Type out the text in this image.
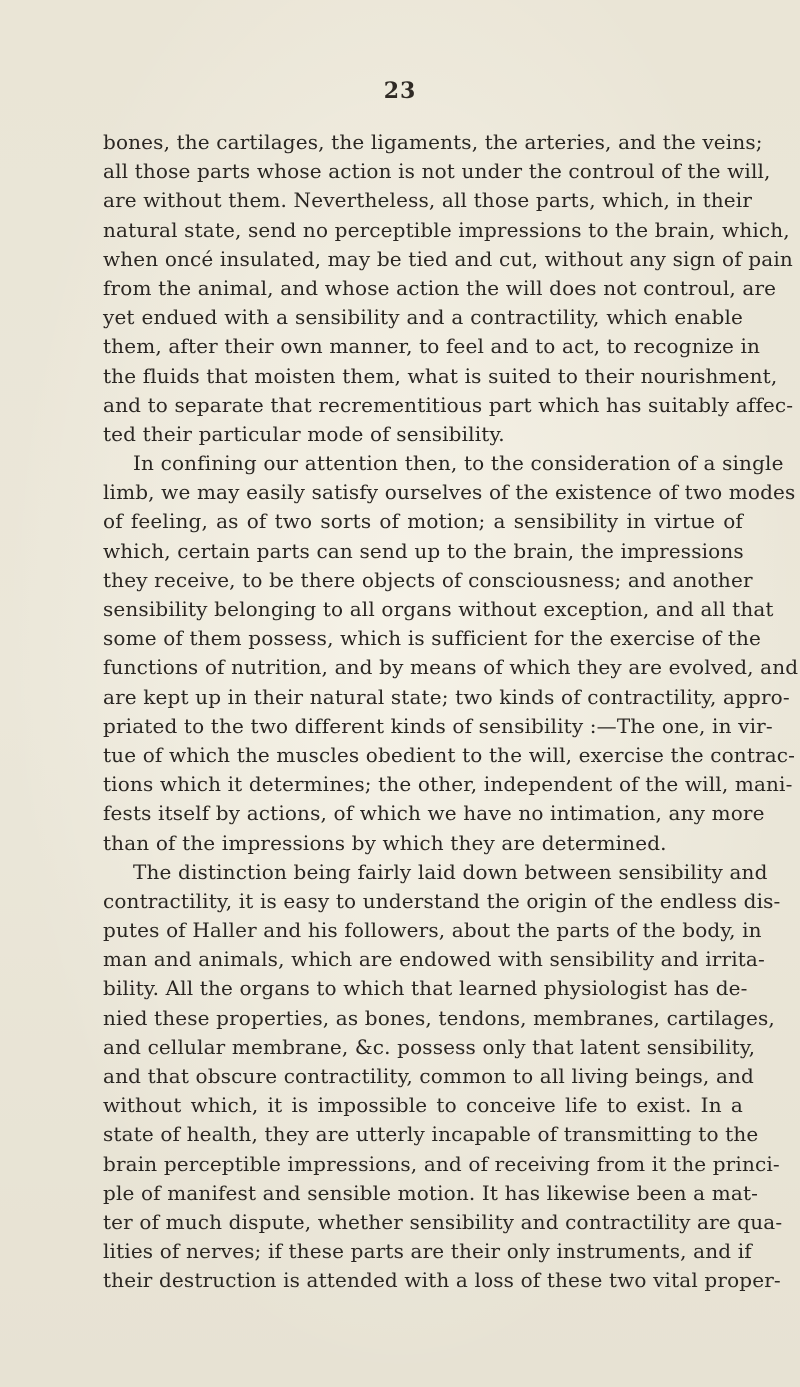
23
bones, the cartilages, the ligaments, the arteries, and the veins;
all those parts whose action is not under the controul of the will,
are without them. Nevertheless, all those parts, which, in their
natural state, send no perceptible impressions to the brain, which,
when oncé insulated, may be tied and cut, without any sign of pain
from the animal, and whose action the will does not controul, are
yet endued with a sensibility and a contractility, which enable
them, after their own manner, to feel and to act, to recognize in
the fluids that moisten them, what is suited to their nourishment,
and to separate that recrementitious part which has suitably affec-
ted their particular mode of sensibility.
In confining our attention then, to the consideration of a single
limb, we may easily satisfy ourselves of the existence of two modes
of feeling, as of two sorts of motion; a sensibility in virtue of
which, certain parts can send up to the brain, the impressions
they receive, to be there objects of consciousness; and another
sensibility belonging to all organs without exception, and all that
some of them possess, which is sufficient for the exercise of the
functions of nutrition, and by means of which they are evolved, and
are kept up in their natural state; two kinds of contractility, appro-
priated to the two different kinds of sensibility :—The one, in vir-
tue of which the muscles obedient to the will, exercise the contrac-
tions which it determines; the other, independent of the will, mani-
fests itself by actions, of which we have no intimation, any more
than of the impressions by which they are determined.
The distinction being fairly laid down between sensibility and
contractility, it is easy to understand the origin of the endless dis-
putes of Haller and his followers, about the parts of the body, in
man and animals, which are endowed with sensibility and irrita-
bility. All the organs to which that learned physiologist has de-
nied these properties, as bones, tendons, membranes, cartilages,
and cellular membrane, &c. possess only that latent sensibility,
and that obscure contractility, common to all living beings, and
without which, it is impossible to conceive life to exist. In a
state of health, they are utterly incapable of transmitting to the
brain perceptible impressions, and of receiving from it the princi-
ple of manifest and sensible motion. It has likewise been a mat-
ter of much dispute, whether sensibility and contractility are qua-
lities of nerves; if these parts are their only instruments, and if
their destruction is attended with a loss of these two vital proper-
